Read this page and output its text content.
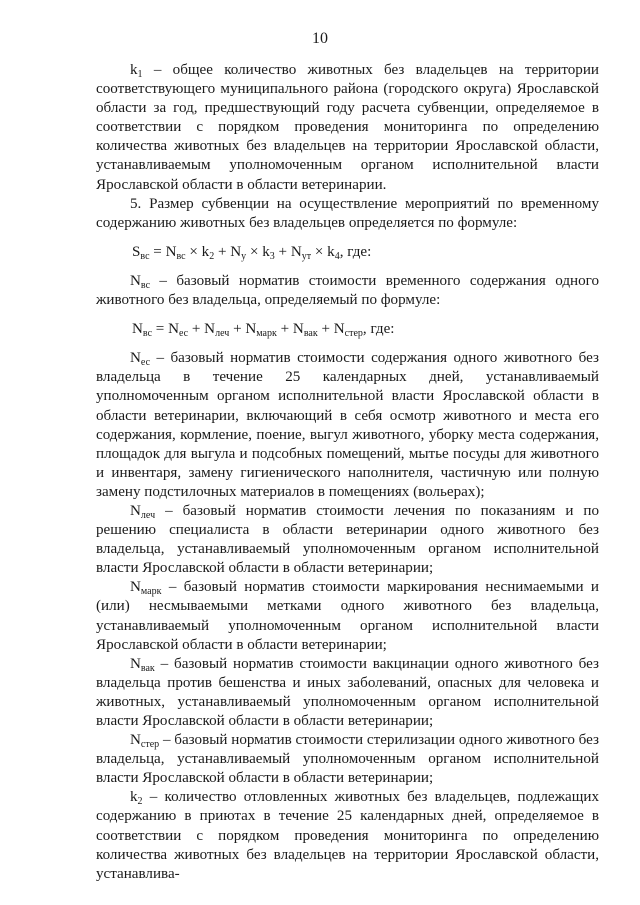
10

$k_1$ – общее количество животных без владельцев на территории соответствующего муниципального района (городского округа) Ярославской области за год, предшествующий году расчета субвенции, определяемое в соответствии с порядком проведения мониторинга по определению количества животных без владельцев на территории Ярославской области, устанавливаемым уполномоченным органом исполнительной власти Ярославской области в области ветеринарии.

5. Размер субвенции на осуществление мероприятий по временному содержанию животных без владельцев определяется по формуле:

$S_{вс} = N_{вс} \times k_2 + N_у \times k_3 + N_{ут} \times k_4$, где:

$N_{вс}$ – базовый норматив стоимости временного содержания одного животного без владельца, определяемый по формуле:

$N_{вс} = N_{ес} + N_{леч} + N_{марк} + N_{вак} + N_{стер}$, где:

$N_{ес}$ – базовый норматив стоимости содержания одного животного без владельца в течение 25 календарных дней, устанавливаемый уполномоченным органом исполнительной власти Ярославской области в области ветеринарии, включающий в себя осмотр животного и места его содержания, кормление, поение, выгул животного, уборку места содержания, площадок для выгула и подсобных помещений, мытье посуды для животного и инвентаря, замену гигиенического наполнителя, частичную или полную замену подстилочных материалов в помещениях (вольерах);

$N_{леч}$ – базовый норматив стоимости лечения по показаниям и по решению специалиста в области ветеринарии одного животного без владельца, устанавливаемый уполномоченным органом исполнительной власти Ярославской области в области ветеринарии;

$N_{марк}$ – базовый норматив стоимости маркирования неснимаемыми и (или) несмываемыми метками одного животного без владельца, устанавливаемый уполномоченным органом исполнительной власти Ярославской области в области ветеринарии;

$N_{вак}$ – базовый норматив стоимости вакцинации одного животного без владельца против бешенства и иных заболеваний, опасных для человека и животных, устанавливаемый уполномоченным органом исполнительной власти Ярославской области в области ветеринарии;

$N_{стер}$ – базовый норматив стоимости стерилизации одного животного без владельца, устанавливаемый уполномоченным органом исполнительной власти Ярославской области в области ветеринарии;

$k_2$ – количество отловленных животных без владельцев, подлежащих содержанию в приютах в течение 25 календарных дней, определяемое в соответствии с порядком проведения мониторинга по определению количества животных без владельцев на территории Ярославской области, устанавлива-
